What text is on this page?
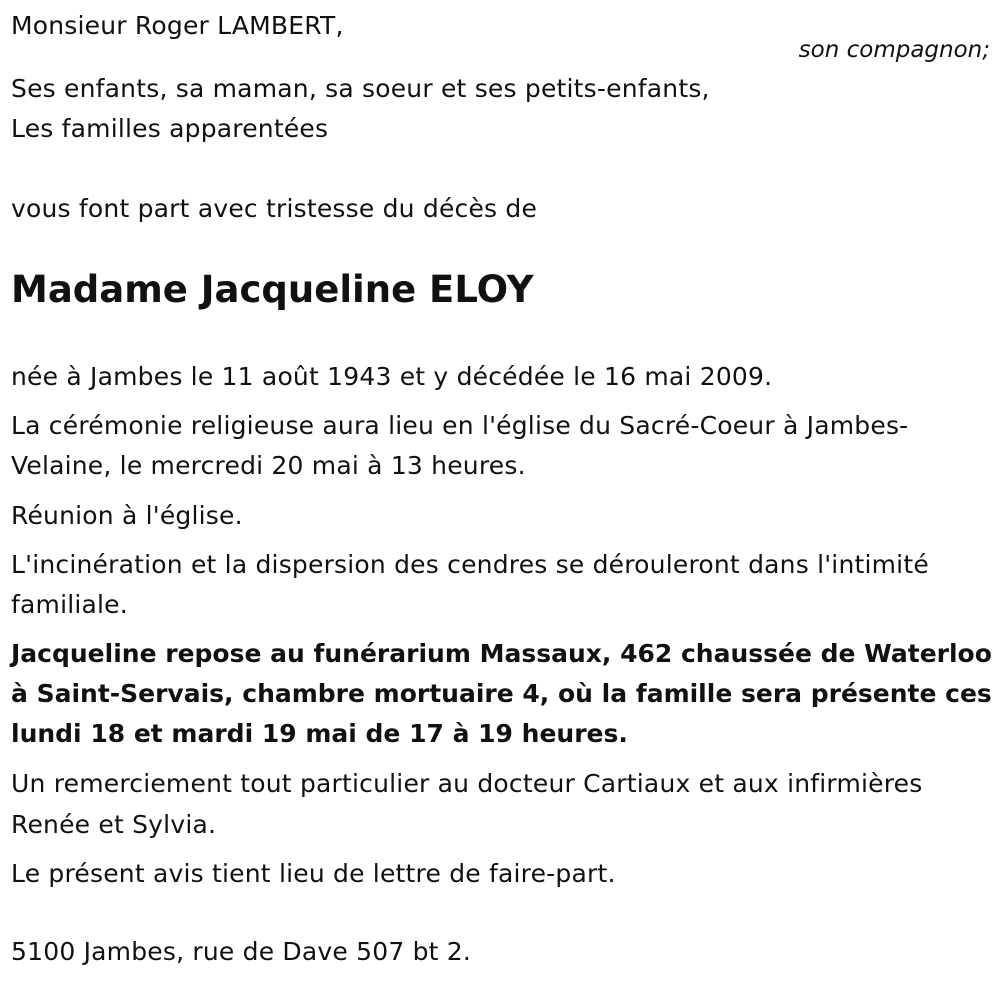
Monsieur Roger LAMBERT,
son compagnon;
Ses enfants, sa maman, sa soeur et ses petits-enfants,
Les familles apparentées
vous font part avec tristesse du décès de
Madame Jacqueline ELOY
née à Jambes le 11 août 1943 et y décédée le 16 mai 2009.
La cérémonie religieuse aura lieu en l'église du Sacré-Coeur à Jambes-
Velaine, le mercredi 20 mai à 13 heures.
Réunion à l'église.
L'incinération et la dispersion des cendres se dérouleront dans l'intimité
familiale.
Jacqueline repose au funérarium Massaux, 462 chaussée de Waterloo
à Saint-Servais, chambre mortuaire 4, où la famille sera présente ces
lundi 18 et mardi 19 mai de 17 à 19 heures.
Un remerciement tout particulier au docteur Cartiaux et aux infirmières
Renée et Sylvia.
Le présent avis tient lieu de lettre de faire-part.
5100 Jambes, rue de Dave 507 bt 2.
